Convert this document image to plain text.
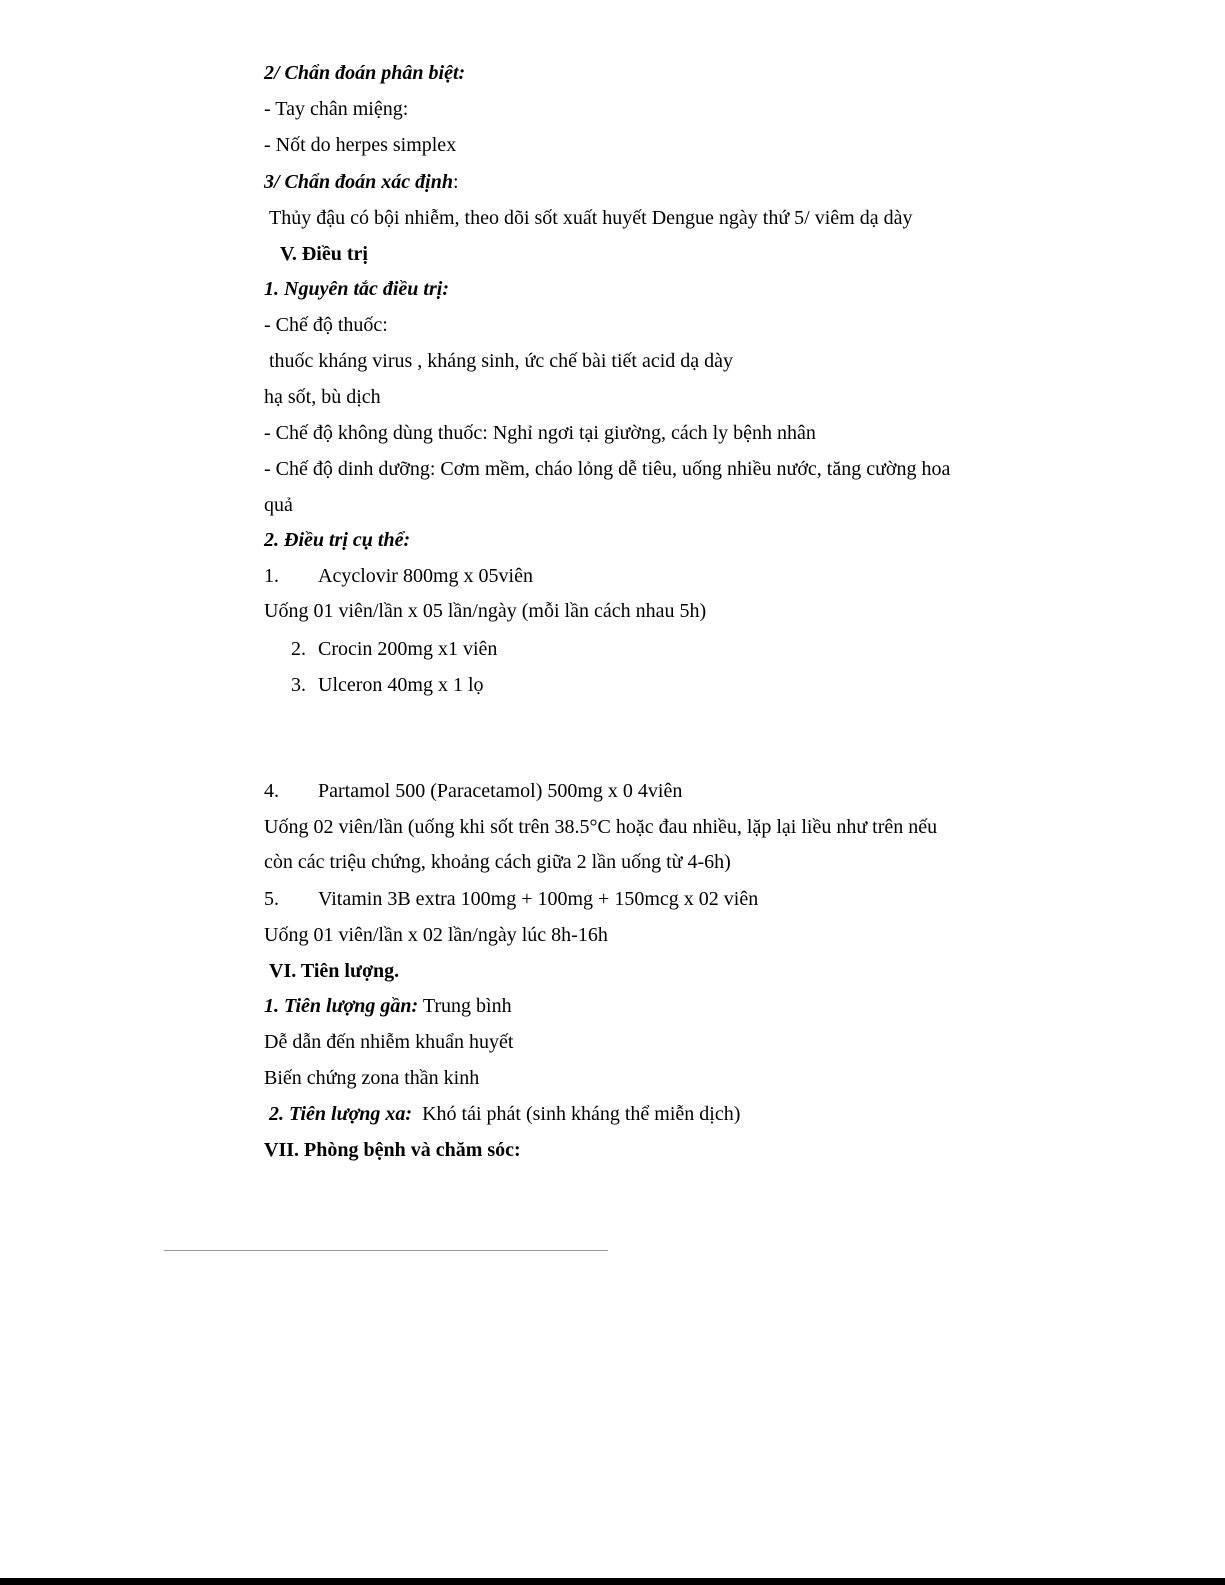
2/ Chẩn đoán phân biệt:
- Tay chân miệng:
- Nốt do herpes simplex
3/ Chẩn đoán xác định:
Thủy đậu có bội nhiễm, theo dõi sốt xuất huyết Dengue ngày thứ 5/ viêm dạ dày
V. Điều trị
1. Nguyên tắc điều trị:
- Chế độ thuốc:
thuốc kháng virus , kháng sinh, ức chế bài tiết acid dạ dày
hạ sốt, bù dịch
- Chế độ không dùng thuốc: Nghỉ ngơi tại giường, cách ly bệnh nhân
- Chế độ dinh dưỡng: Cơm mềm, cháo lỏng dễ tiêu, uống nhiều nước, tăng cường hoa
quả
2. Điều trị cụ thể:
1. Acyclovir 800mg x 05viên
Uống 01 viên/lần x 05 lần/ngày (mỗi lần cách nhau 5h)
2. Crocin 200mg x1 viên
3. Ulceron 40mg x 1 lọ
4. Partamol 500 (Paracetamol) 500mg x 0 4viên
Uống 02 viên/lần (uống khi sốt trên 38.5°C hoặc đau nhiều, lặp lại liều như trên nếu
còn các triệu chứng, khoảng cách giữa 2 lần uống từ 4-6h)
5. Vitamin 3B extra 100mg + 100mg + 150mcg x 02 viên
Uống 01 viên/lần x 02 lần/ngày lúc 8h-16h
VI. Tiên lượng.
1. Tiên lượng gần: Trung bình
Dễ dẫn đến nhiễm khuẩn huyết
Biến chứng zona thần kinh
2. Tiên lượng xa:  Khó tái phát (sinh kháng thể miễn dịch)
VII. Phòng bệnh và chăm sóc:
